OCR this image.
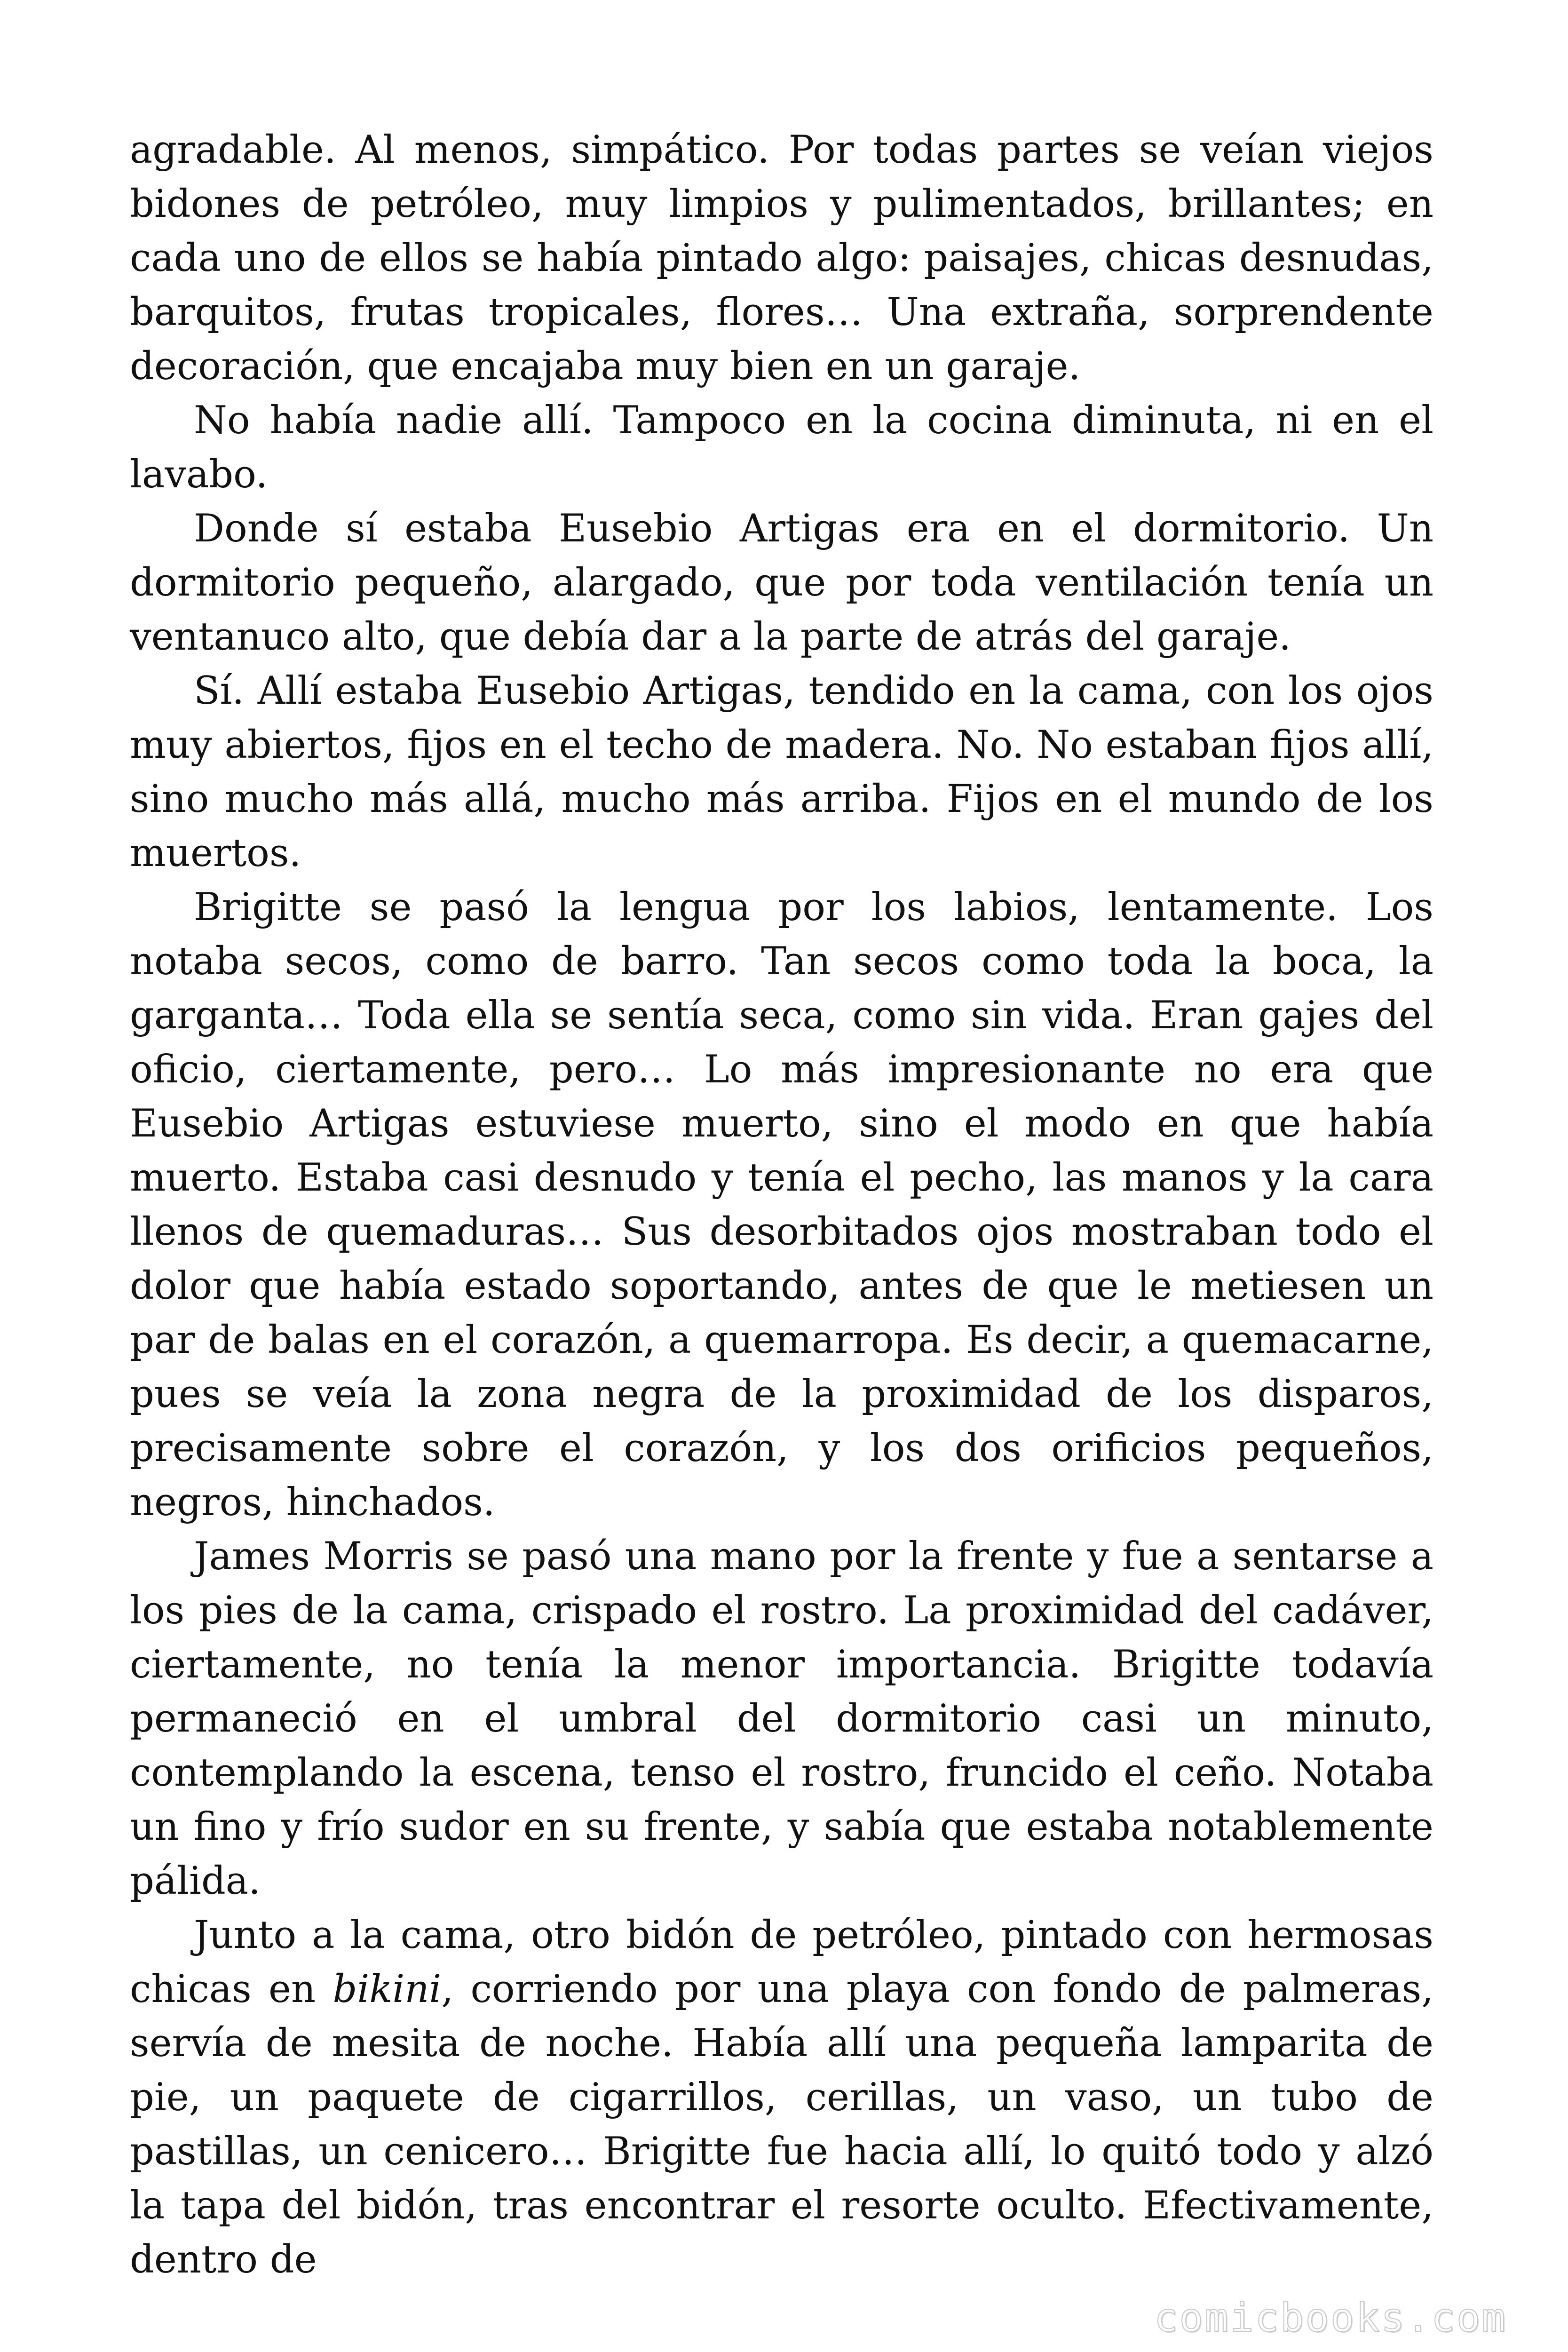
agradable. Al menos, simpático. Por todas partes se veían viejos bidones de petróleo, muy limpios y pulimentados, brillantes; en cada uno de ellos se había pintado algo: paisajes, chicas desnudas, barquitos, frutas tropicales, flores… Una extraña, sorprendente decoración, que encajaba muy bien en un garaje.

No había nadie allí. Tampoco en la cocina diminuta, ni en el lavabo.

Donde sí estaba Eusebio Artigas era en el dormitorio. Un dormitorio pequeño, alargado, que por toda ventilación tenía un ventanuco alto, que debía dar a la parte de atrás del garaje.

Sí. Allí estaba Eusebio Artigas, tendido en la cama, con los ojos muy abiertos, fijos en el techo de madera. No. No estaban fijos allí, sino mucho más allá, mucho más arriba. Fijos en el mundo de los muertos.

Brigitte se pasó la lengua por los labios, lentamente. Los notaba secos, como de barro. Tan secos como toda la boca, la garganta… Toda ella se sentía seca, como sin vida. Eran gajes del oficio, ciertamente, pero… Lo más impresionante no era que Eusebio Artigas estuviese muerto, sino el modo en que había muerto. Estaba casi desnudo y tenía el pecho, las manos y la cara llenos de quemaduras… Sus desorbitados ojos mostraban todo el dolor que había estado soportando, antes de que le metiesen un par de balas en el corazón, a quemarropa. Es decir, a quemacarne, pues se veía la zona negra de la proximidad de los disparos, precisamente sobre el corazón, y los dos orificios pequeños, negros, hinchados.

James Morris se pasó una mano por la frente y fue a sentarse a los pies de la cama, crispado el rostro. La proximidad del cadáver, ciertamente, no tenía la menor importancia. Brigitte todavía permaneció en el umbral del dormitorio casi un minuto, contemplando la escena, tenso el rostro, fruncido el ceño. Notaba un fino y frío sudor en su frente, y sabía que estaba notablemente pálida.

Junto a la cama, otro bidón de petróleo, pintado con hermosas chicas en bikini, corriendo por una playa con fondo de palmeras, servía de mesita de noche. Había allí una pequeña lamparita de pie, un paquete de cigarrillos, cerillas, un vaso, un tubo de pastillas, un cenicero… Brigitte fue hacia allí, lo quitó todo y alzó la tapa del bidón, tras encontrar el resorte oculto. Efectivamente, dentro de

comicbooks.com
